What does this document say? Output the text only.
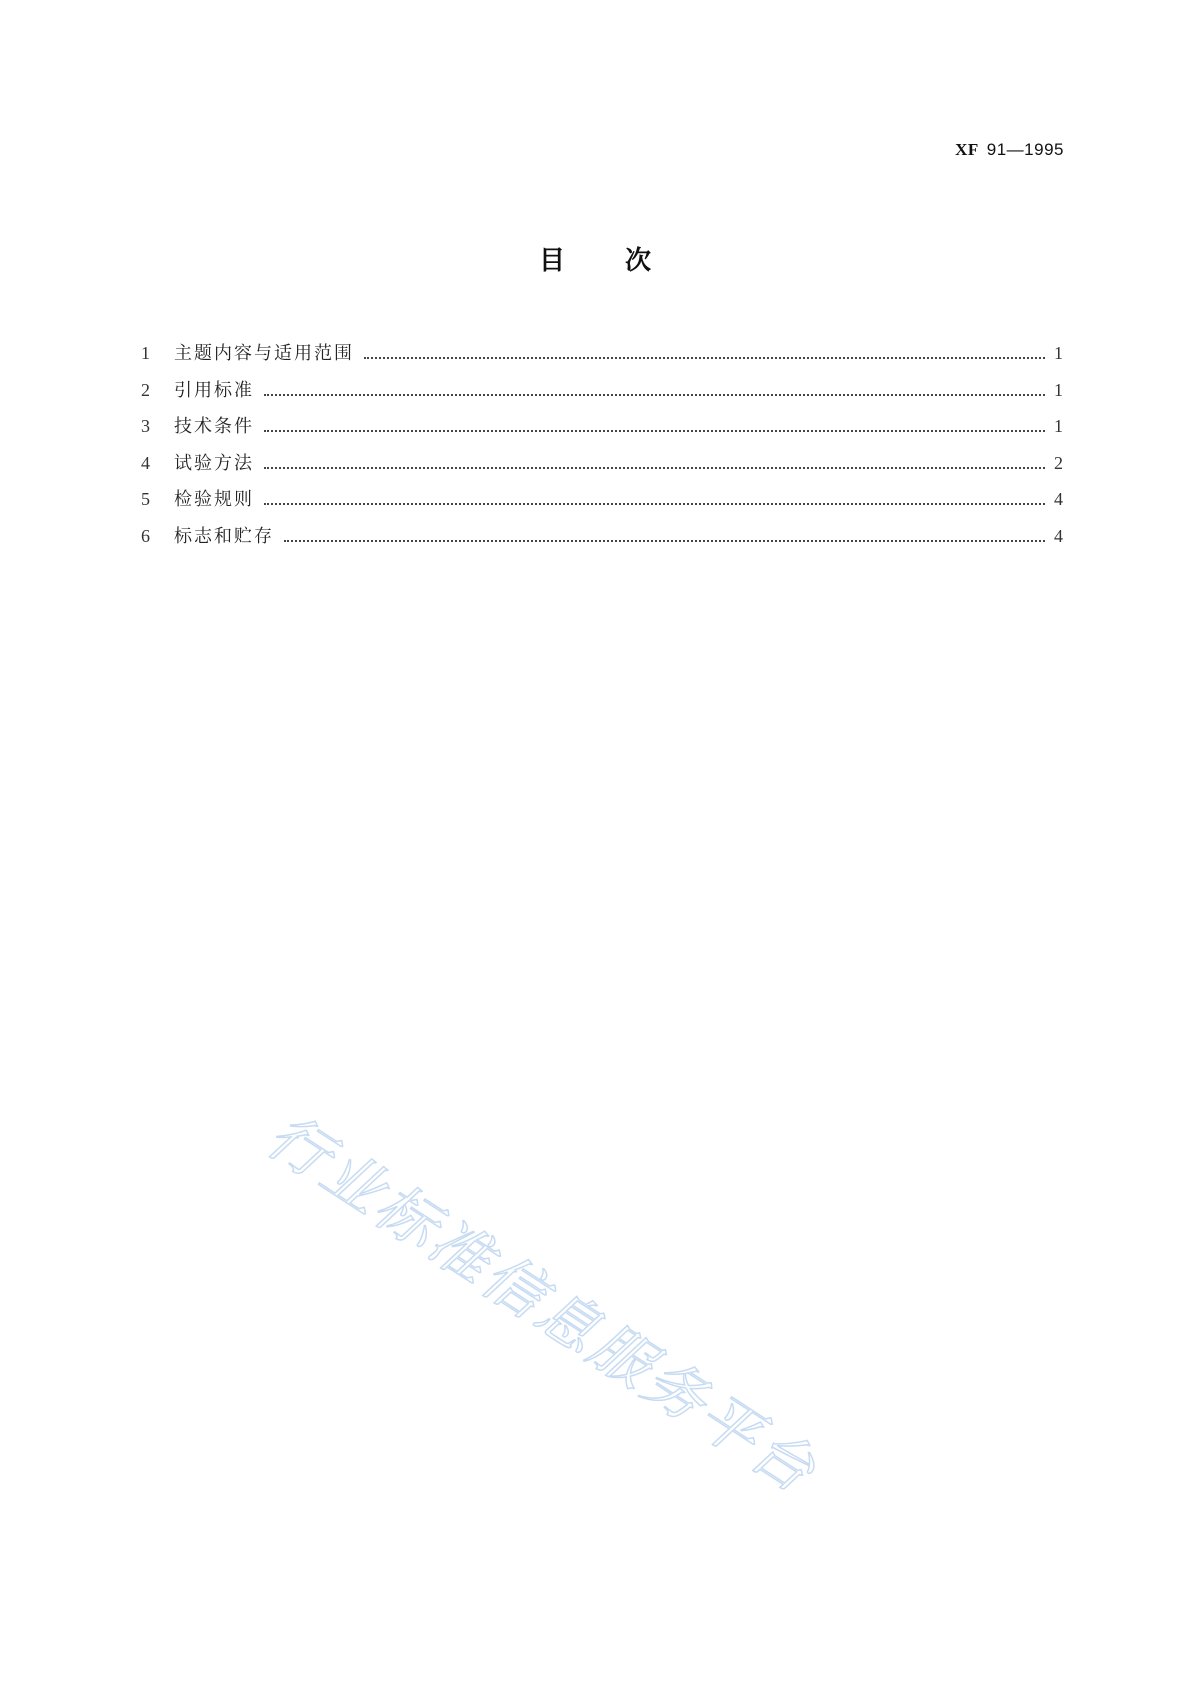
XF 91—1995
目次
1	主题内容与适用范围	1
2	引用标准	1
3	技术条件	1
4	试验方法	2
5	检验规则	4
6	标志和贮存	4
行业标准信息服务平台
